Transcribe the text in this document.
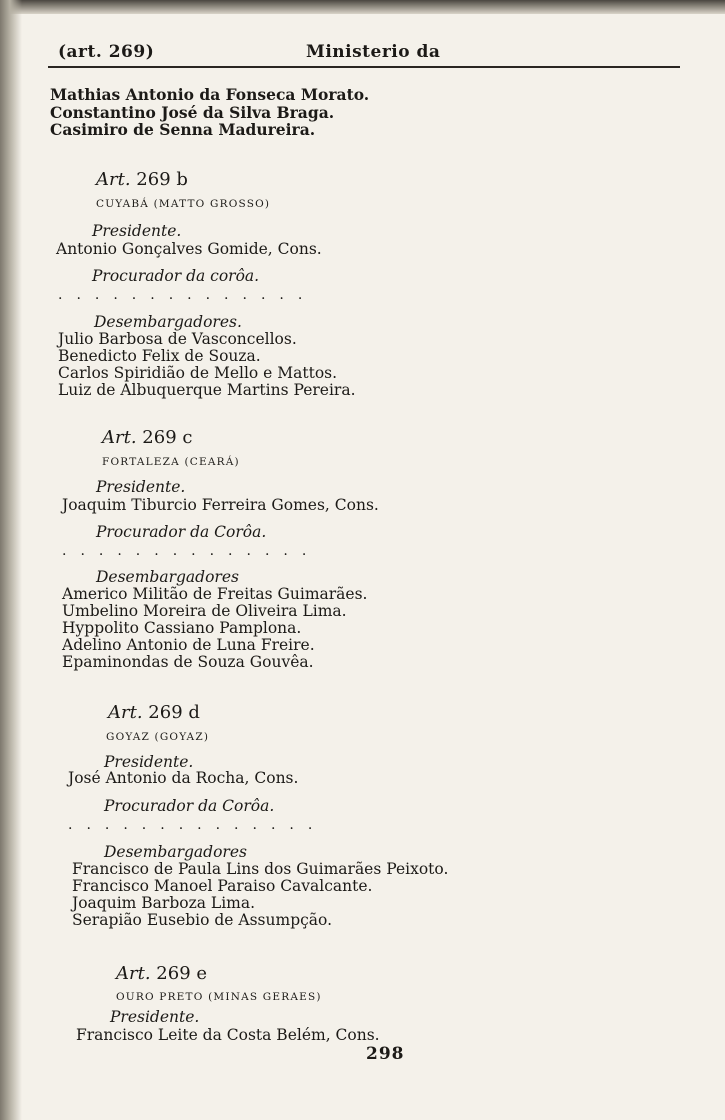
(art. 269)	Ministerio da
Mathias Antonio da Fonseca Morato.
Constantino José da Silva Braga.
Casimiro de Senna Madureira.
Art. 269 b
CUYABÁ (MATTO GROSSO)
Presidente.
Antonio Gonçalves Gomide, Cons.
Procurador da corôa.
..............
Desembargadores.
Julio Barbosa de Vasconcellos.
Benedicto Felix de Souza.
Carlos Spiridião de Mello e Mattos.
Luiz de Albuquerque Martins Pereira.
Art. 269 c
FORTALEZA (CEARÁ)
Presidente.
Joaquim Tiburcio Ferreira Gomes, Cons.
Procurador da Corôa.
..............
Desembargadores
Americo Militão de Freitas Guimarães.
Umbelino Moreira de Oliveira Lima.
Hyppolito Cassiano Pamplona.
Adelino Antonio de Luna Freire.
Epaminondas de Souza Gouvêa.
Art. 269 d
GOYAZ (GOYAZ)
Presidente.
José Antonio da Rocha, Cons.
Procurador da Corôa.
..............
Desembargadores
Francisco de Paula Lins dos Guimarães Peixoto.
Francisco Manoel Paraiso Cavalcante.
Joaquim Barboza Lima.
Serapião Eusebio de Assumpção.
Art. 269 e
OURO PRETO (MINAS GERAES)
Presidente.
Francisco Leite da Costa Belém, Cons.
298
